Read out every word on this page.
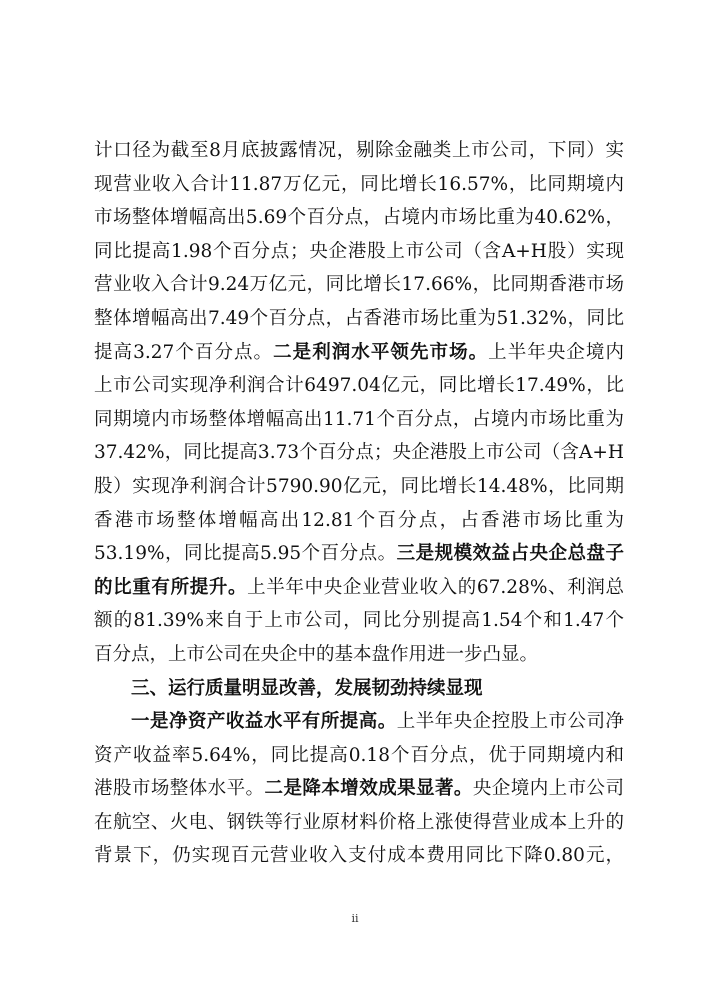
计口径为截至8月底披露情况，剔除金融类上市公司，下同）实
现营业收入合计11.87万亿元，同比增长16.57%，比同期境内
市场整体增幅高出5.69个百分点，占境内市场比重为40.62%，
同比提高1.98个百分点；央企港股上市公司（含A+H股）实现
营业收入合计9.24万亿元，同比增长17.66%，比同期香港市场
整体增幅高出7.49个百分点，占香港市场比重为51.32%，同比
提高3.27个百分点。二是利润水平领先市场。上半年央企境内
上市公司实现净利润合计6497.04亿元，同比增长17.49%，比
同期境内市场整体增幅高出11.71个百分点，占境内市场比重为
37.42%，同比提高3.73个百分点；央企港股上市公司（含A+H
股）实现净利润合计5790.90亿元，同比增长14.48%，比同期
香港市场整体增幅高出12.81个百分点，占香港市场比重为
53.19%，同比提高5.95个百分点。三是规模效益占央企总盘子
的比重有所提升。上半年中央企业营业收入的67.28%、利润总
额的81.39%来自于上市公司，同比分别提高1.54个和1.47个
百分点，上市公司在央企中的基本盘作用进一步凸显。
三、运行质量明显改善，发展韧劲持续显现
一是净资产收益水平有所提高。上半年央企控股上市公司净
资产收益率5.64%，同比提高0.18个百分点，优于同期境内和
港股市场整体水平。二是降本增效成果显著。央企境内上市公司
在航空、火电、钢铁等行业原材料价格上涨使得营业成本上升的
背景下，仍实现百元营业收入支付成本费用同比下降0.80元，
ii
